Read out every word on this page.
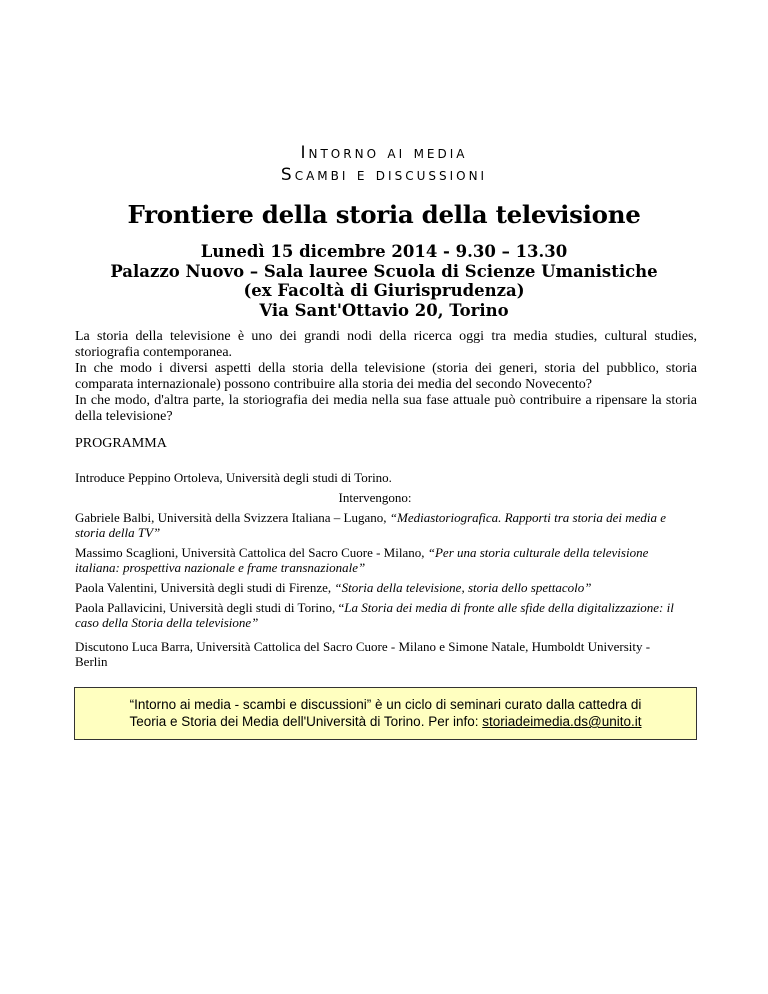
Intorno ai media
Scambi e discussioni
Frontiere della storia della televisione
Lunedì 15 dicembre 2014 - 9.30 – 13.30
Palazzo Nuovo – Sala lauree Scuola di Scienze Umanistiche
(ex Facoltà di Giurisprudenza)
Via Sant'Ottavio 20, Torino

La storia della televisione è uno dei grandi nodi della ricerca oggi tra media studies, cultural studies, storiografia contemporanea.

In che modo i diversi aspetti della storia della televisione (storia dei generi, storia del pubblico, storia comparata internazionale) possono contribuire alla storia dei media del secondo Novecento?

In che modo, d'altra parte, la storiografia dei media nella sua fase attuale può contribuire a ripensare la storia della televisione?

PROGRAMMA
Introduce Peppino Ortoleva, Università degli studi di Torino.
Intervengono:
Gabriele Balbi, Università della Svizzera Italiana – Lugano, “Mediastoriografica. Rapporti tra storia dei media e storia della TV”
Massimo Scaglioni, Università Cattolica del Sacro Cuore - Milano, “Per una storia culturale della televisione italiana: prospettiva nazionale e frame transnazionale”
Paola Valentini, Università degli studi di Firenze, “Storia della televisione, storia dello spettacolo”
Paola Pallavicini, Università degli studi di Torino, “La Storia dei media di fronte alle sfide della digitalizzazione: il caso della Storia della televisione”
Discutono Luca Barra, Università Cattolica del Sacro Cuore - Milano e Simone Natale, Humboldt University - Berlin
“Intorno ai media - scambi e discussioni” è un ciclo di seminari curato dalla cattedra di
Teoria e Storia dei Media dell'Università di Torino. Per info: storiadeimedia.ds@unito.it
